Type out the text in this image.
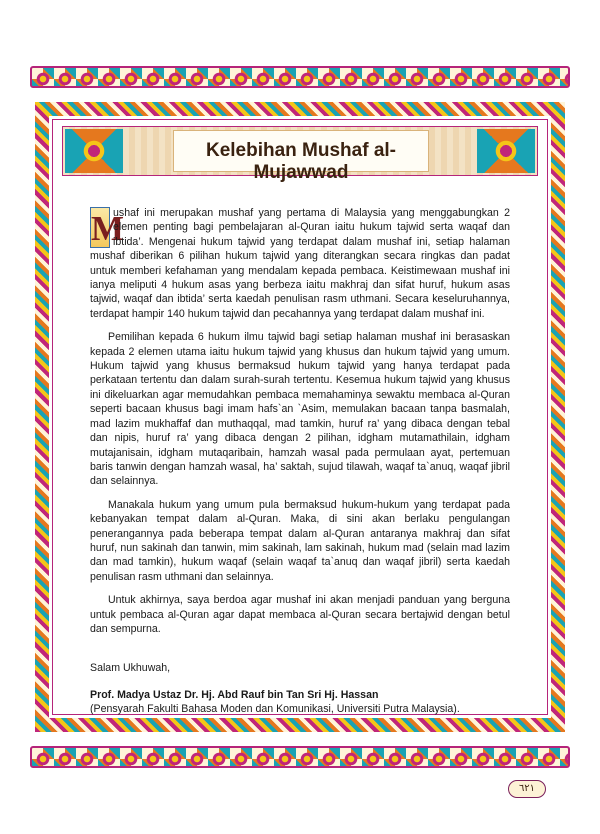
Kelebihan Mushaf al-Mujawwad

M
ushaf ini merupakan mushaf yang pertama di Malaysia yang menggabungkan 2 elemen penting bagi pembelajaran al-Quran iaitu hukum tajwid serta waqaf dan ibtida’. Mengenai hukum tajwid yang terdapat dalam mushaf ini, setiap halaman mushaf diberikan 6 pilihan hukum tajwid yang diterangkan secara ringkas dan padat untuk memberi kefahaman yang mendalam kepada pembaca. Keistimewaan mushaf ini ianya meliputi 4 hukum asas yang berbeza iaitu makhraj dan sifat huruf, hukum asas tajwid, waqaf dan ibtida’ serta kaedah penulisan rasm uthmani. Secara keseluruhannya, terdapat hampir 140 hukum tajwid dan pecahannya yang terdapat dalam mushaf ini.

Pemilihan kepada 6 hukum ilmu tajwid bagi setiap halaman mushaf ini berasaskan kepada 2 elemen utama iaitu hukum tajwid yang khusus dan hukum tajwid yang umum. Hukum tajwid yang khusus bermaksud hukum tajwid yang hanya terdapat pada perkataan tertentu dan dalam surah-surah tertentu. Kesemua hukum tajwid yang khusus ini dikeluarkan agar memudahkan pembaca memahaminya sewaktu membaca al-Quran seperti bacaan khusus bagi imam hafs`an `Asim, memulakan bacaan tanpa basmalah, mad lazim mukhaffaf dan muthaqqal, mad tamkin, huruf ra’ yang dibaca dengan tebal dan nipis, huruf ra’ yang dibaca dengan 2 pilihan, idgham mutamathilain, idgham mutajanisain, idgham mutaqaribain, hamzah wasal pada permulaan ayat, pertemuan baris tanwin dengan hamzah wasal, ha’ saktah, sujud tilawah, waqaf ta`anuq, waqaf jibril dan selainnya.

Manakala hukum yang umum pula bermaksud hukum-hukum yang terdapat pada kebanyakan tempat dalam al-Quran. Maka, di sini akan berlaku pengulangan penerangannya pada beberapa tempat dalam al-Quran antaranya makhraj dan sifat huruf, nun sakinah dan tanwin, mim sakinah, lam sakinah, hukum mad (selain mad lazim dan mad tamkin), hukum waqaf (selain waqaf ta`anuq dan waqaf jibril) serta kaedah penulisan rasm uthmani dan selainnya.

Untuk akhirnya, saya berdoa agar mushaf ini akan menjadi panduan yang berguna untuk pembaca al-Quran agar dapat membaca al-Quran secara bertajwid dengan betul dan sempurna.

Salam Ukhuwah,

Prof. Madya Ustaz Dr. Hj. Abd Rauf bin Tan Sri Hj. Hassan

(Pensyarah Fakulti Bahasa Moden dan Komunikasi, Universiti Putra Malaysia).

٦٢١
